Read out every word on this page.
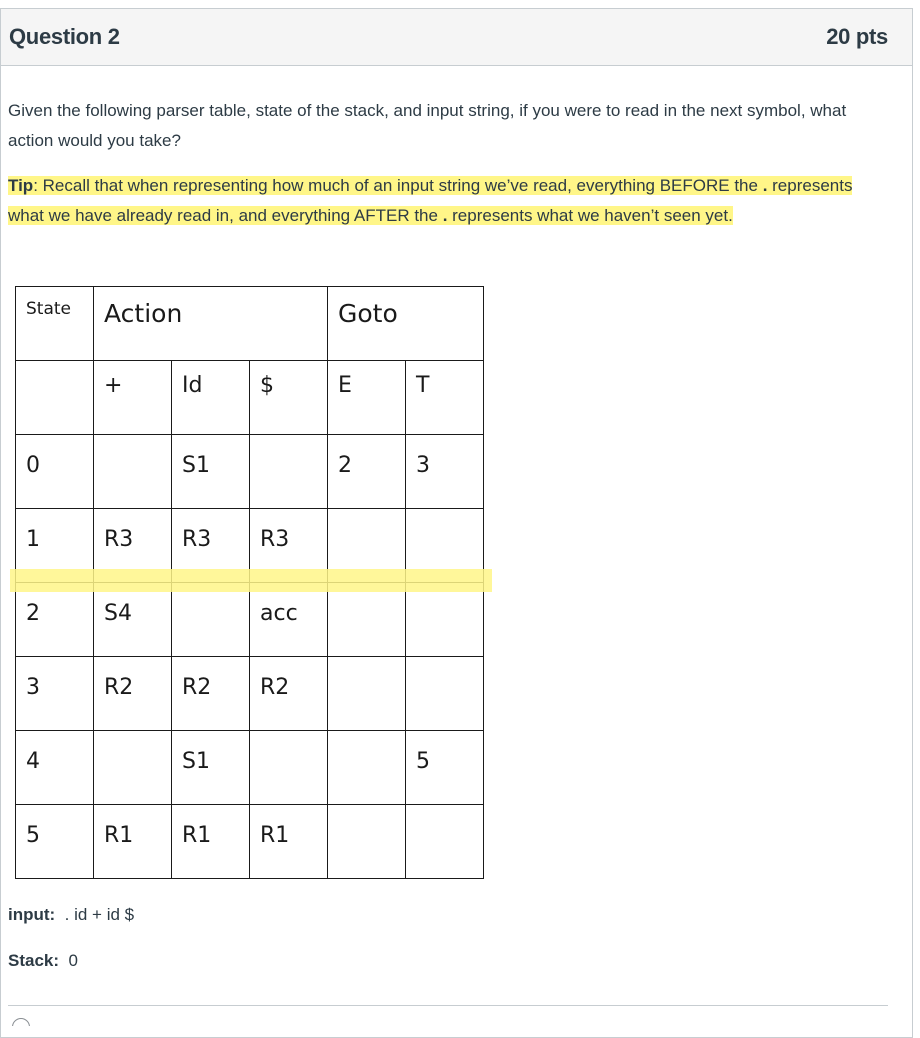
Question 2	20 pts
Given the following parser table, state of the stack, and input string, if you were to read in the next symbol, what action would you take?
Tip: Recall that when representing how much of an input string we’ve read, everything BEFORE the . represents what we have already read in, and everything AFTER the . represents what we haven’t seen yet.
State	Action			Goto	

	+	Id	$	E	T

0		S1		2	3

1	R3	R3	R3		

2	S4		acc		

3	R2	R2	R2		

4		S1			5

5	R1	R1	R1		

input: . id + id $
Stack: 0
